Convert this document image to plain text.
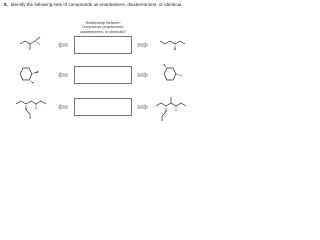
8. Identify the following sets of compounds as enantiomers, diastereomers, or identical.
Relationship Between
Compounds (enantiomers,
diastereomers, or identical)?
